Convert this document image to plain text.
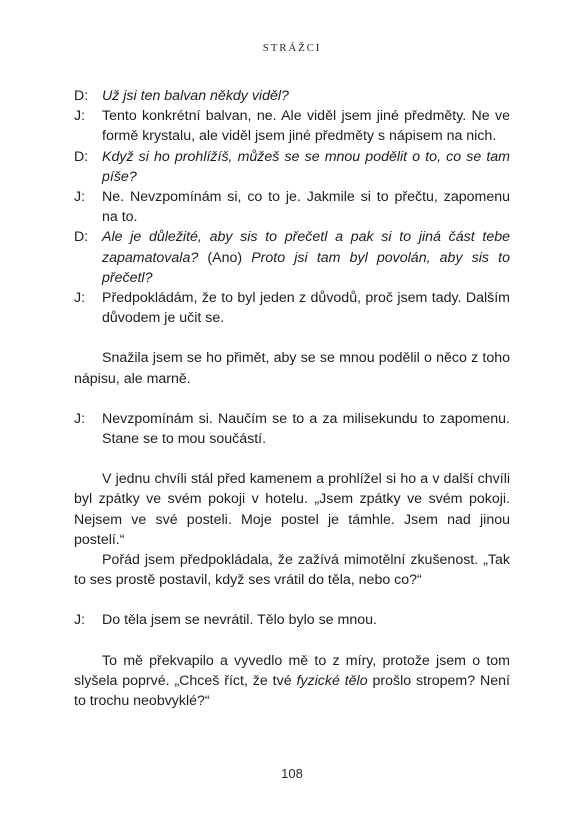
STRÁŽCI
D: Už jsi ten balvan někdy viděl?
J:	Tento konkrétní balvan, ne. Ale viděl jsem jiné předměty. Ne ve formě krystalu, ale viděl jsem jiné předměty s nápisem na nich.
D: Když si ho prohlížíš, můžeš se se mnou podělit o to, co se tam píše?
J:	Ne. Nevzpomínám si, co to je. Jakmile si to přečtu, zapomenu na to.
D: Ale je důležité, aby sis to přečetl a pak si to jiná část tebe zapamatovala? (Ano) Proto jsi tam byl povolán, aby sis to přečetl?
J:	Předpokládám, že to byl jeden z důvodů, proč jsem tady. Dalším důvodem je učit se.

Snažila jsem se ho přimět, aby se se mnou podělil o něco z toho nápisu, ale marně.

J:	Nevzpomínám si. Naučím se to a za milisekundu to zapomenu. Stane se to mou součástí.

V jednu chvíli stál před kamenem a prohlížel si ho a v další chvíli byl zpátky ve svém pokoji v hotelu. „Jsem zpátky ve svém pokoji. Nejsem ve své posteli. Moje postel je támhle. Jsem nad jinou postelí.“

Pořád jsem předpokládala, že zažívá mimotělní zkušenost. „Tak to ses prostě postavil, když ses vrátil do těla, nebo co?“

J:	Do těla jsem se nevrátil. Tělo bylo se mnou.

To mě překvapilo a vyvedlo mě to z míry, protože jsem o tom slyšela poprvé. „Chceš říct, že tvé fyzické tělo prošlo stropem? Není to trochu neobvyklé?“

108
